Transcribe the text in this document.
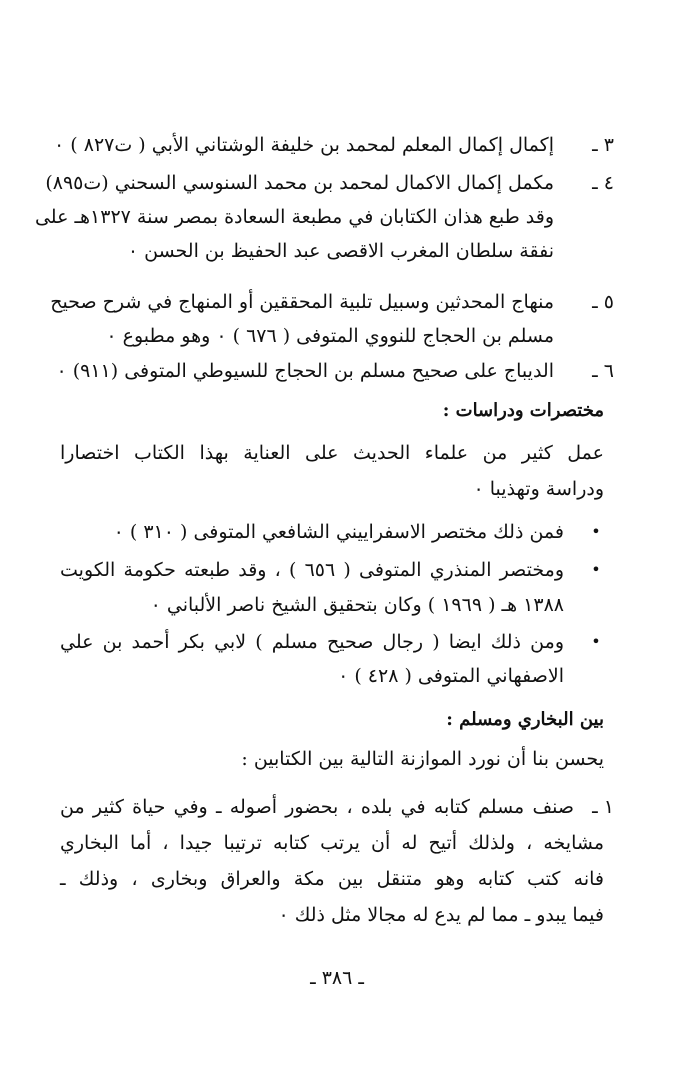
٣ ـ
إكمال إكمال المعلم لمحمد بن خليفة الوشتاني الأبي ( ت٨٢٧ ) ٠
٤ ـ
مكمل إكمال الاكمال لمحمد بن محمد السنوسي السحني (ت٨٩٥)
وقد طبع هذان الكتابان في مطبعة السعادة بمصر سنة ١٣٢٧هـ على
نفقة سلطان المغرب الاقصى عبد الحفيظ بن الحسن ٠
٥ ـ
منهاج المحدثين وسبيل تلبية المحققين أو المنهاج في شرح صحيح
مسلم بن الحجاج للنووي المتوفى ( ٦٧٦ ) ٠ وهو مطبوع ٠
٦ ـ
الديباج على صحيح مسلم بن الحجاج للسيوطي المتوفى (٩١١) ٠
مختصرات ودراسات :
عمل كثير من علماء الحديث على العناية بهذا الكتاب اختصارا
ودراسة وتهذيبا ٠
•
فمن ذلك مختصر الاسفراييني الشافعي المتوفى ( ٣١٠ ) ٠
•
ومختصر المنذري المتوفى ( ٦٥٦ ) ، وقد طبعته حكومة الكويت
١٣٨٨ هـ ( ١٩٦٩ ) وكان بتحقيق الشيخ ناصر الألباني ٠
•
ومن ذلك ايضا ( رجال صحيح مسلم ) لابي بكر أحمد بن علي
الاصفهاني المتوفى ( ٤٢٨ ) ٠
بين البخاري ومسلم :
يحسن بنا أن نورد الموازنة التالية بين الكتابين :
١ ـ
صنف مسلم كتابه في بلده ، بحضور أصوله ـ وفي حياة كثير من
مشايخه ، ولذلك أتيح له أن يرتب كتابه ترتيبا جيدا ، أما البخاري
فانه كتب كتابه وهو متنقل بين مكة والعراق وبخارى ، وذلك ـ
فيما يبدو ـ مما لم يدع له مجالا مثل ذلك ٠
ـ ٣٨٦ ـ
